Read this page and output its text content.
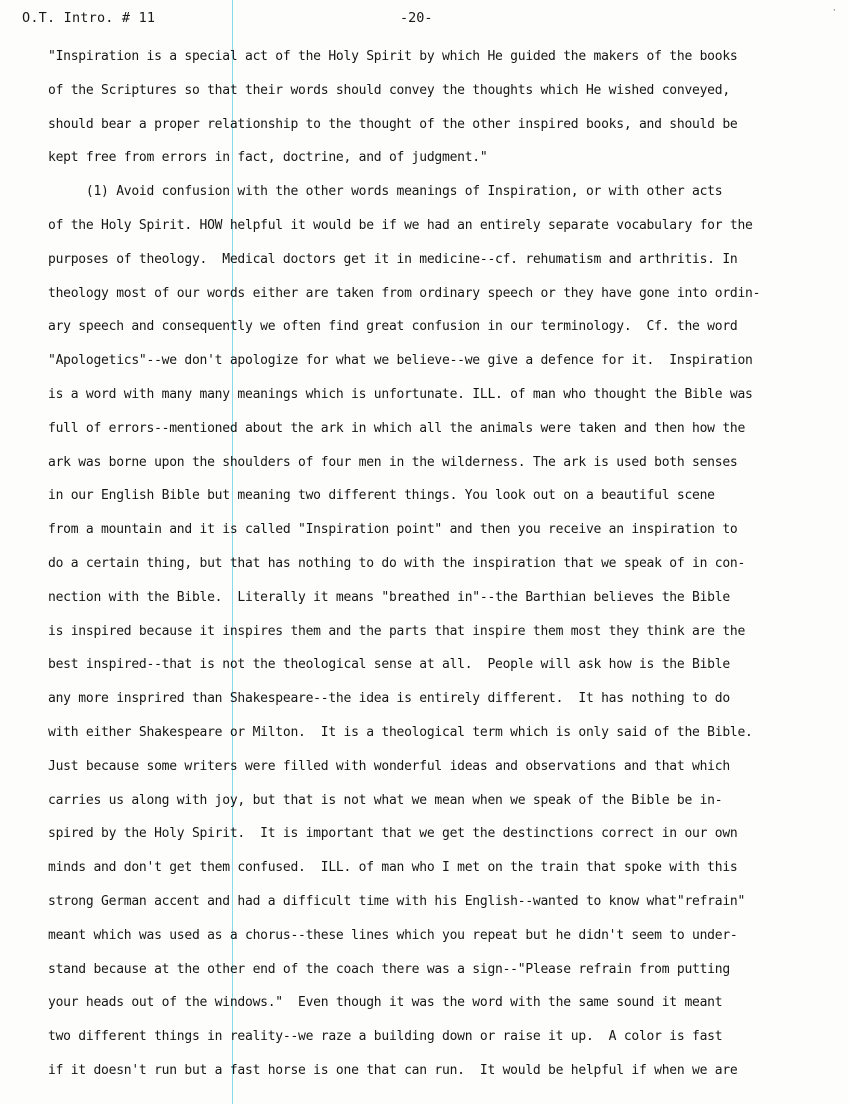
O.T. Intro. # 11	-20-	·
"Inspiration is a special act of the Holy Spirit by which He guided the makers of the books
of the Scriptures so that their words should convey the thoughts which He wished conveyed,
should bear a proper relationship to the thought of the other inspired books, and should be
kept free from errors in fact, doctrine, and of judgment."
(1) Avoid confusion with the other words meanings of Inspiration, or with other acts
of the Holy Spirit. HOW helpful it would be if we had an entirely separate vocabulary for the
purposes of theology.  Medical doctors get it in medicine--cf. rehumatism and arthritis. In
theology most of our words either are taken from ordinary speech or they have gone into ordin-
ary speech and consequently we often find great confusion in our terminology.  Cf. the word
"Apologetics"--we don't apologize for what we believe--we give a defence for it.  Inspiration
is a word with many many meanings which is unfortunate. ILL. of man who thought the Bible was
full of errors--mentioned about the ark in which all the animals were taken and then how the
ark was borne upon the shoulders of four men in the wilderness. The ark is used both senses
in our English Bible but meaning two different things. You look out on a beautiful scene
from a mountain and it is called "Inspiration point" and then you receive an inspiration to
do a certain thing, but that has nothing to do with the inspiration that we speak of in con-
nection with the Bible.  Literally it means "breathed in"--the Barthian believes the Bible
is inspired because it inspires them and the parts that inspire them most they think are the
best inspired--that is not the theological sense at all.  People will ask how is the Bible
any more insprired than Shakespeare--the idea is entirely different.  It has nothing to do
with either Shakespeare or Milton.  It is a theological term which is only said of the Bible.
Just because some writers were filled with wonderful ideas and observations and that which
carries us along with joy, but that is not what we mean when we speak of the Bible be in-
spired by the Holy Spirit.  It is important that we get the destinctions correct in our own
minds and don't get them confused.  ILL. of man who I met on the train that spoke with this
strong German accent and had a difficult time with his English--wanted to know what"refrain"
meant which was used as a chorus--these lines which you repeat but he didn't seem to under-
stand because at the other end of the coach there was a sign--"Please refrain from putting
your heads out of the windows."  Even though it was the word with the same sound it meant
two different things in reality--we raze a building down or raise it up.  A color is fast
if it doesn't run but a fast horse is one that can run.  It would be helpful if when we are
